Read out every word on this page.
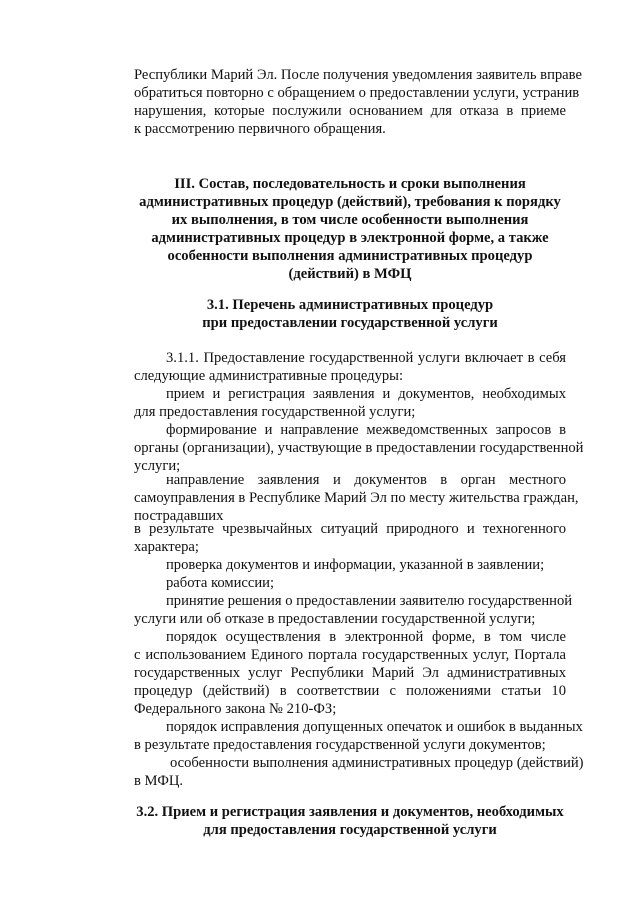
Республики Марий Эл. После получения уведомления заявитель вправе
обратиться повторно с обращением о предоставлении услуги, устранив
нарушения, которые послужили основанием для отказа в приеме
к рассмотрению первичного обращения.
III. Состав, последовательность и сроки выполнения
административных процедур (действий), требования к порядку
их выполнения, в том числе особенности выполнения
административных процедур в электронной форме, а также
особенности выполнения административных процедур
(действий) в МФЦ
3.1. Перечень административных процедур
при предоставлении государственной услуги
3.1.1. Предоставление государственной услуги включает в себя
следующие административные процедуры:
прием и регистрация заявления и документов, необходимых
для предоставления государственной услуги;
формирование и направление межведомственных запросов в
органы (организации), участвующие в предоставлении государственной
услуги;
направление заявления и документов в орган местного
самоуправления в Республике Марий Эл по месту жительства граждан,
пострадавших
в результате чрезвычайных ситуаций природного и техногенного
характера;
проверка документов и информации, указанной в заявлении;
работа комиссии;
принятие решения о предоставлении заявителю государственной
услуги или об отказе в предоставлении государственной услуги;
порядок осуществления в электронной форме, в том числе
с использованием Единого портала государственных услуг, Портала
государственных услуг Республики Марий Эл административных
процедур (действий) в соответствии с положениями статьи 10
Федерального закона № 210-ФЗ;
порядок исправления допущенных опечаток и ошибок в выданных
в результате предоставления государственной услуги документов;
особенности выполнения административных процедур (действий)
в МФЦ.
3.2. Прием и регистрация заявления и документов, необходимых
для предоставления государственной услуги
